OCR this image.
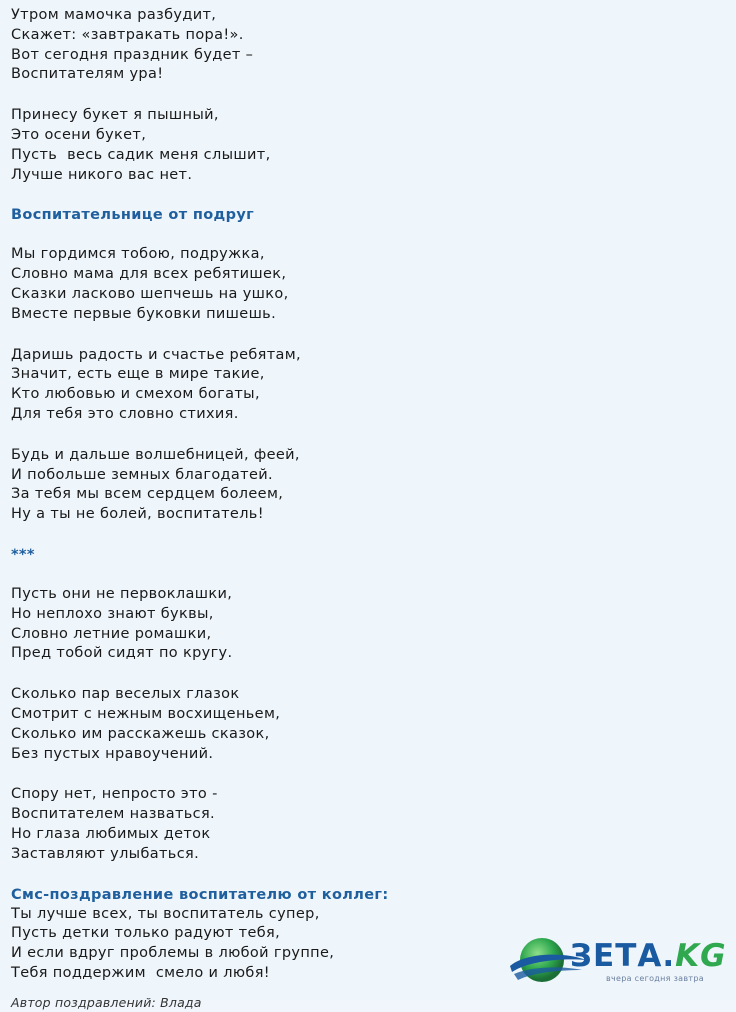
Утром мамочка разбудит,
Скажет: «завтракать пора!».
Вот сегодня праздник будет –
Воспитателям ура!
Принесу букет я пышный,
Это осени букет,
Пусть  весь садик меня слышит,
Лучше никого вас нет.
Воспитательнице от подруг
Мы гордимся тобою, подружка,
Словно мама для всех ребятишек,
Сказки ласково шепчешь на ушко,
Вместе первые буковки пишешь.
Даришь радость и счастье ребятам,
Значит, есть еще в мире такие,
Кто любовью и смехом богаты,
Для тебя это словно стихия.
Будь и дальше волшебницей, феей,
И побольше земных благодатей.
За тебя мы всем сердцем болеем,
Ну а ты не болей, воспитатель!
***
Пусть они не первоклашки,
Но неплохо знают буквы,
Словно летние ромашки,
Пред тобой сидят по кругу.
Сколько пар веселых глазок
Смотрит с нежным восхищеньем,
Сколько им расскажешь сказок,
Без пустых нравоучений.
Спору нет, непросто это -
Воспитателем назваться.
Но глаза любимых деток
Заставляют улыбаться.
Смс-поздравление воспитателю от коллег:
Ты лучше всех, ты воспитатель супер,
Пусть детки только радуют тебя,
И если вдруг проблемы в любой группе,
Тебя поддержим  смело и любя!
Автор поздравлений: Влада
ЗЕТА.KG
вчера сегодня завтра
